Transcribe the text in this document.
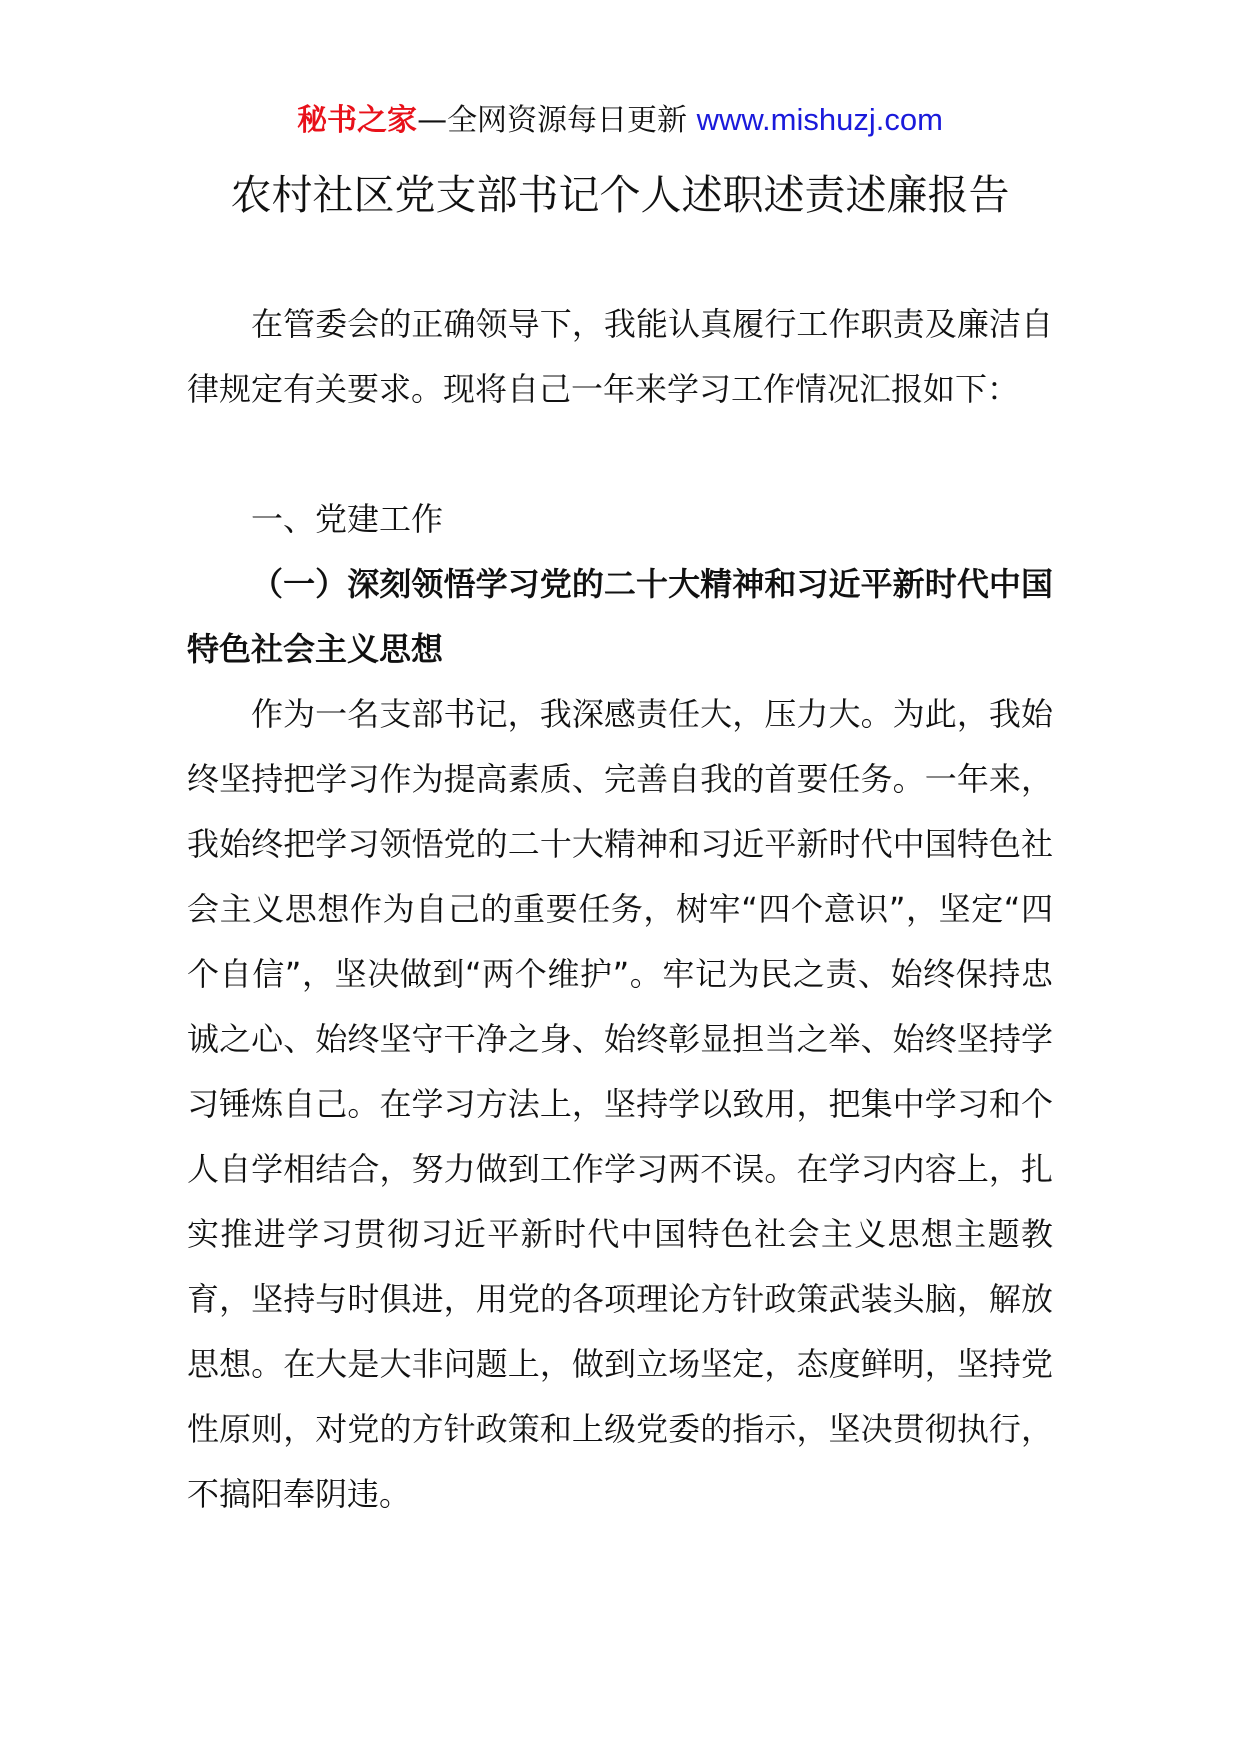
秘书之家—全网资源每日更新 www.mishuzj.com
农村社区党支部书记个人述职述责述廉报告

在管委会的正确领导下，我能认真履行工作职责及廉洁自律规定有关要求。现将自己一年来学习工作情况汇报如下：

一、党建工作

（一）深刻领悟学习党的二十大精神和习近平新时代中国特色社会主义思想

作为一名支部书记，我深感责任大，压力大。为此，我始终坚持把学习作为提高素质、完善自我的首要任务。一年来，我始终把学习领悟党的二十大精神和习近平新时代中国特色社会主义思想作为自己的重要任务，树牢“四个意识”，坚定“四个自信”，坚决做到“两个维护”。牢记为民之责、始终保持忠诚之心、始终坚守干净之身、始终彰显担当之举、始终坚持学习锤炼自己。在学习方法上，坚持学以致用，把集中学习和个人自学相结合，努力做到工作学习两不误。在学习内容上，扎实推进学习贯彻习近平新时代中国特色社会主义思想主题教育，坚持与时俱进，用党的各项理论方针政策武装头脑，解放思想。在大是大非问题上，做到立场坚定，态度鲜明，坚持党性原则，对党的方针政策和上级党委的指示，坚决贯彻执行，不搞阳奉阴违。
